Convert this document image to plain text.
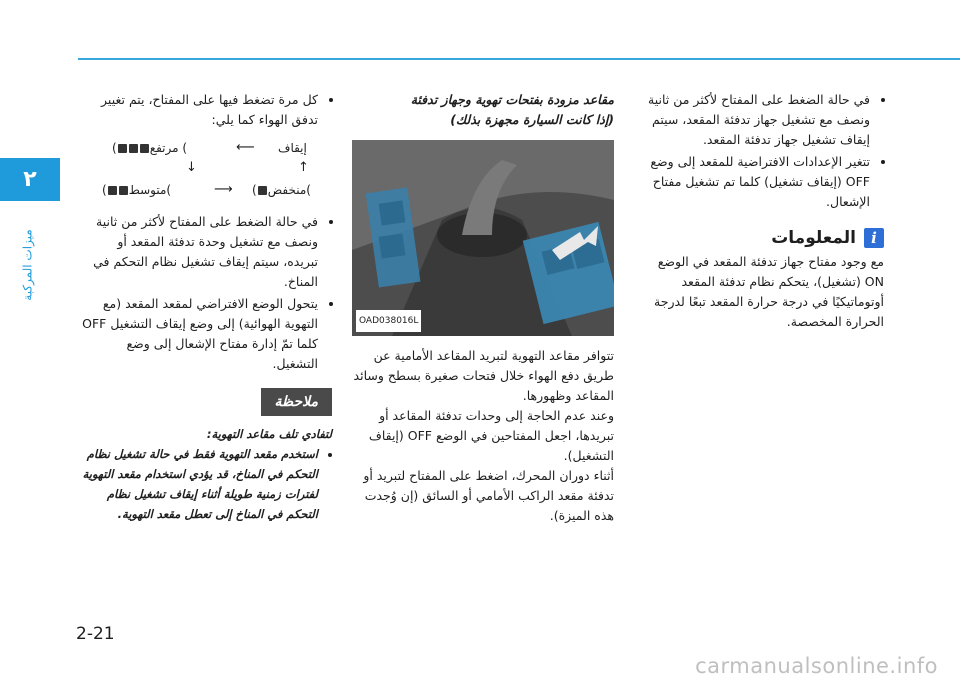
٢
ميزات المركبة
• في حالة الضغط على المفتاح لأكثر من ثانية ونصف مع تشغيل جهاز تدفئة المقعد، سيتم إيقاف تشغيل جهاز تدفئة المقعد.
• تتغير الإعدادات الافتراضية للمقعد إلى وضع OFF (إيقاف تشغيل) كلما تم تشغيل مفتاح الإشعال.
i
المعلومات

مع وجود مفتاح جهاز تدفئة المقعد في الوضع ON (تشغيل)، يتحكم نظام تدفئة المقعد أوتوماتيكيًا في درجة حرارة المقعد تبعًا لدرجة الحرارة المخصصة.

مقاعد مزودة بفتحات تهوية وجهاز تدفئة

(إذا كانت السيارة مجهزة بذلك)

OAD038016L

تتوافر مقاعد التهوية لتبريد المقاعد الأمامية عن طريق دفع الهواء خلال فتحات صغيرة بسطح وسائد المقاعد وظهورها.

وعند عدم الحاجة إلى وحدات تدفئة المقاعد أو تبريدها، اجعل المفتاحين في الوضع OFF (إيقاف التشغيل).

أثناء دوران المحرك، اضغط على المفتاح لتبريد أو تدفئة مقعد الراكب الأمامي أو السائق (إن وُجدت هذه الميزة).

• كل مرة تضغط فيها على المفتاح، يتم تغيير تدفق الهواء كما يلي:
إيقاف
⟵
(	مرتفع (
↓	↑
( متوسط(	⟶ ( منخفض(
• في حالة الضغط على المفتاح لأكثر من ثانية ونصف مع تشغيل وحدة تدفئة المقعد أو تبريده، سيتم إيقاف تشغيل نظام التحكم في المناخ.
• يتحول الوضع الافتراضي لمقعد المقعد (مع التهوية الهوائية) إلى وضع إيقاف التشغيل OFF كلما تمّ إدارة مفتاح الإشعال إلى وضع التشغيل.
ملاحظة

لتفادي تلف مقاعد التهوية:

• استخدم مقعد التهوية فقط في حالة تشغيل نظام التحكم في المناخ، قد يؤدي استخدام مقعد التهوية لفترات زمنية طويلة أثناء إيقاف تشغيل نظام التحكم في المناخ إلى تعطل مقعد التهوية.
2-21
carmanualsonline.info
